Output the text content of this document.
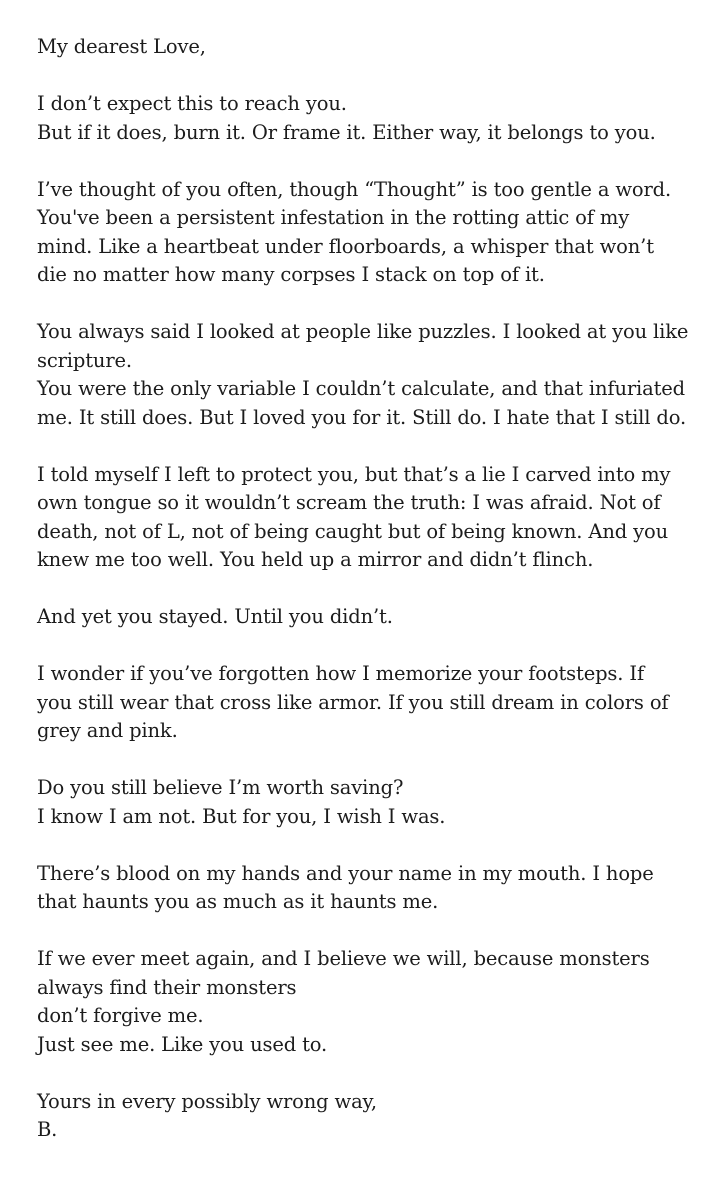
My dearest Love,
I don’t expect this to reach you.
But if it does, burn it. Or frame it. Either way, it belongs to you.
I’ve thought of you often, though “Thought” is too gentle a word.
You've been a persistent infestation in the rotting attic of my
mind. Like a heartbeat under floorboards, a whisper that won’t
die no matter how many corpses I stack on top of it.
You always said I looked at people like puzzles. I looked at you like
scripture.
You were the only variable I couldn’t calculate, and that infuriated
me. It still does. But I loved you for it. Still do. I hate that I still do.
I told myself I left to protect you, but that’s a lie I carved into my
own tongue so it wouldn’t scream the truth: I was afraid. Not of
death, not of L, not of being caught but of being known. And you
knew me too well. You held up a mirror and didn’t flinch.
And yet you stayed. Until you didn’t.
I wonder if you’ve forgotten how I memorize your footsteps. If
you still wear that cross like armor. If you still dream in colors of
grey and pink.
Do you still believe I’m worth saving?
I know I am not. But for you, I wish I was.
There’s blood on my hands and your name in my mouth. I hope
that haunts you as much as it haunts me.
If we ever meet again, and I believe we will, because monsters
always find their monsters
don’t forgive me.
Just see me. Like you used to.
Yours in every possibly wrong way,
B.
